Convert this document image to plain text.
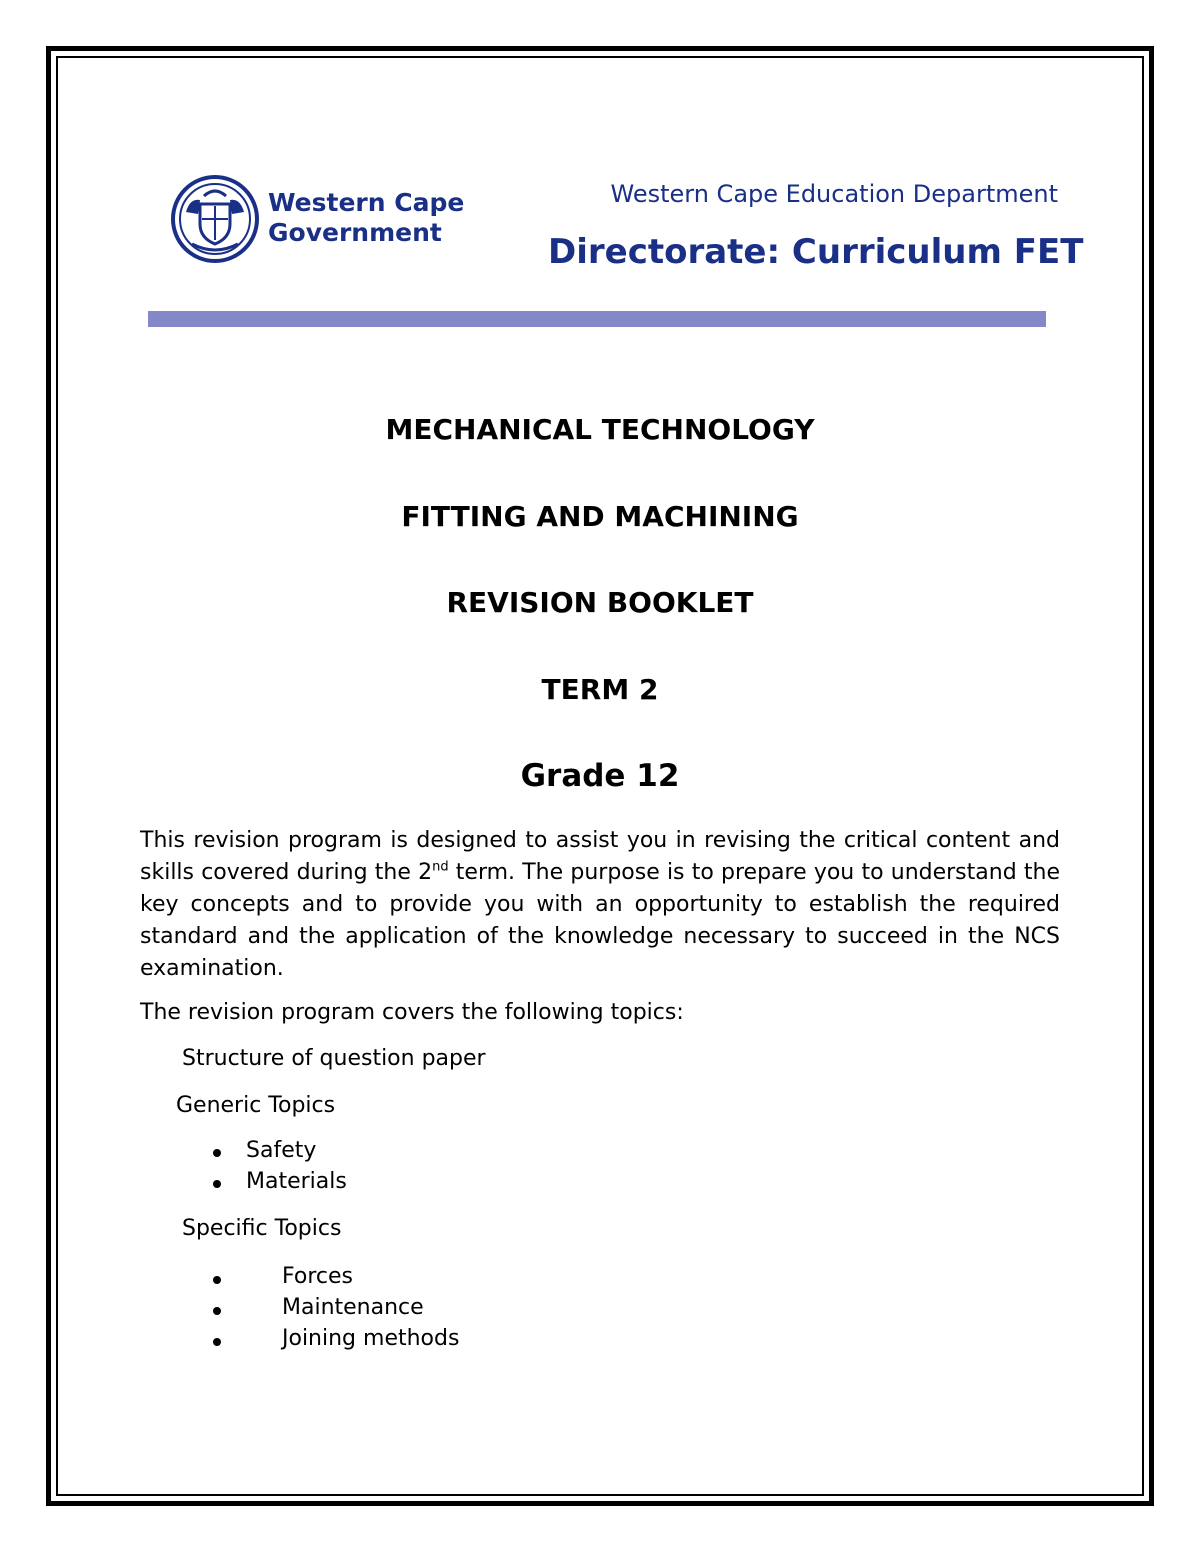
Western Cape
Government
Western Cape Education Department
Directorate: Curriculum FET
MECHANICAL TECHNOLOGY
FITTING AND MACHINING
REVISION BOOKLET
TERM 2
Grade 12

This revision program is designed to assist you in revising the critical content and skills covered during the 2nd term. The purpose is to prepare you to understand the key concepts and to provide you with an opportunity to establish the required standard and the application of the knowledge necessary to succeed in the NCS examination.

The revision program covers the following topics:
Structure of question paper
Generic Topics
Safety
Materials
Specific Topics
Forces
Maintenance
Joining methods
